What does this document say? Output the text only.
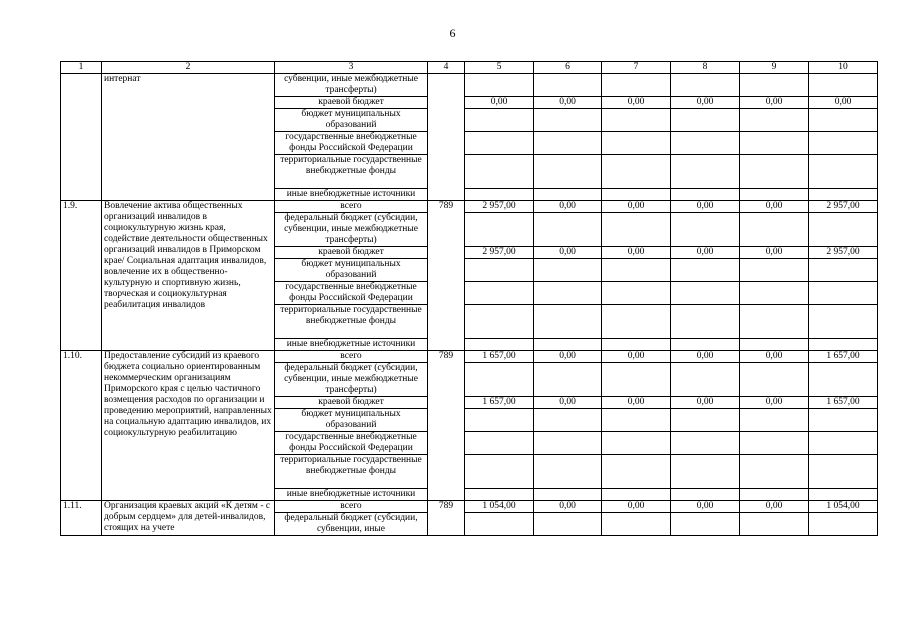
6
1	2	3	4	5	6	7	8	9	10
	интернат	субвенции, иные межбюджетные трансферты)							
		краевой бюджет		0,00	0,00	0,00	0,00	0,00	0,00
		бюджет муниципальных образований							
		государственные внебюджетные фонды Российской Федерации							
		территориальные государственные внебюджетные фонды							
		иные внебюджетные источники							
1.9.	Вовлечение актива общественных организаций инвалидов в социокультурную жизнь края, содействие деятельности общественных организаций инвалидов в Приморском крае/ Социальная адаптация инвалидов, вовлечение их в общественно-культурную и спортивную жизнь, творческая и социокультурная реабилитация инвалидов	всего	789	2 957,00	0,00	0,00	0,00	0,00	2 957,00
		федеральный бюджет (субсидии, субвенции, иные межбюджетные трансферты)							
		краевой бюджет		2 957,00	0,00	0,00	0,00	0,00	2 957,00
		бюджет муниципальных образований							
		государственные внебюджетные фонды Российской Федерации							
		территориальные государственные внебюджетные фонды							
		иные внебюджетные источники							
1.10.	Предоставление субсидий из краевого бюджета социально ориентированным некоммерческим организациям Приморского края с целью частичного возмещения расходов по организации и проведению мероприятий, направленных на социальную адаптацию инвалидов, их социокультурную реабилитацию	всего	789	1 657,00	0,00	0,00	0,00	0,00	1 657,00
		федеральный бюджет (субсидии, субвенции, иные межбюджетные трансферты)							
		краевой бюджет		1 657,00	0,00	0,00	0,00	0,00	1 657,00
		бюджет муниципальных образований							
		государственные внебюджетные фонды Российской Федерации							
		территориальные государственные внебюджетные фонды							
		иные внебюджетные источники							
1.11.	Организация краевых акций «К детям - с добрым сердцем» для детей-инвалидов, стоящих на учете	всего	789	1 054,00	0,00	0,00	0,00	0,00	1 054,00
		федеральный бюджет (субсидии, субвенции, иные							
